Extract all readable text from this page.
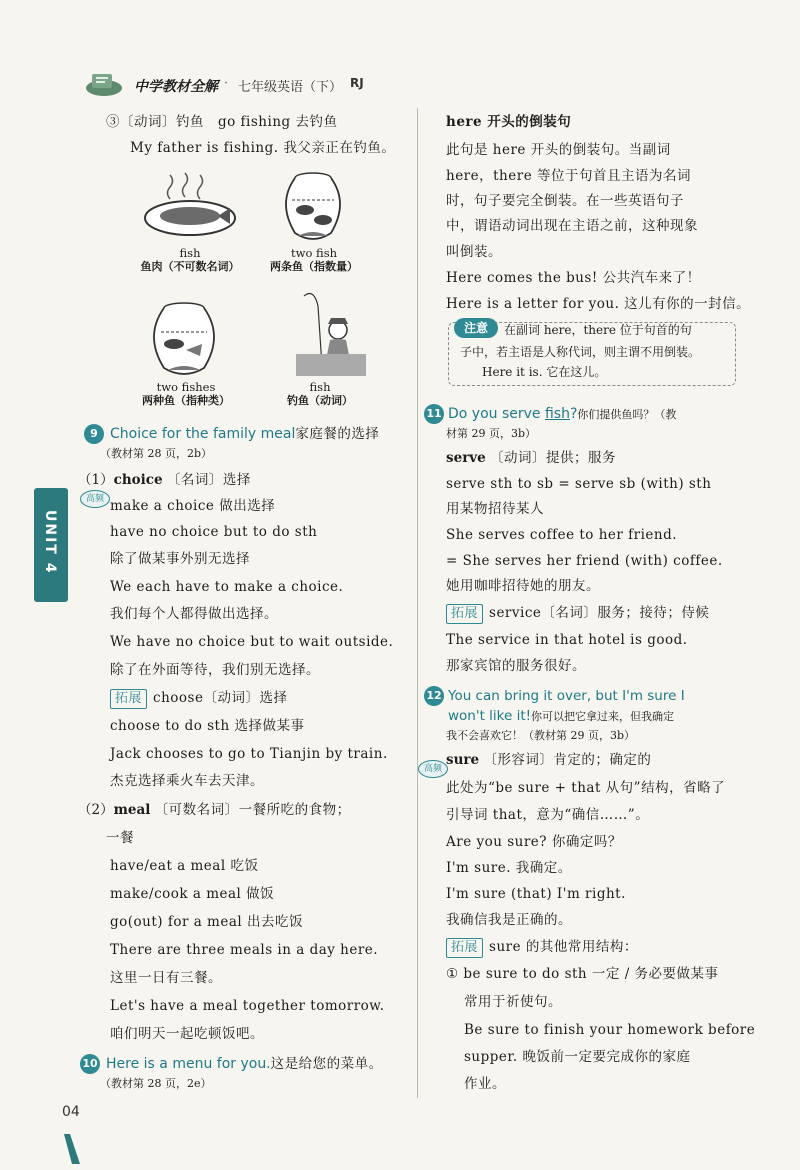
中学教材全解 · 七年级英语（下） RJ
UNIT 4
③〔动词〕钓鱼　go fishing 去钓鱼
My father is fishing. 我父亲正在钓鱼。
fish
鱼肉（不可数名词）
two fish
两条鱼（指数量）
two fishes
两种鱼（指种类）
fish
钓鱼（动词）
9 Choice for the family meal家庭餐的选择
（教材第 28 页，2b）
（1）choice 〔名词〕选择
高频 make a choice 做出选择
have no choice but to do sth
除了做某事外别无选择
We each have to make a choice.
我们每个人都得做出选择。
We have no choice but to wait outside.
除了在外面等待，我们别无选择。
拓展 choose〔动词〕选择
choose to do sth 选择做某事
Jack chooses to go to Tianjin by train.
杰克选择乘火车去天津。
（2）meal 〔可数名词〕一餐所吃的食物；
一餐
have/eat a meal 吃饭
make/cook a meal 做饭
go(out) for a meal 出去吃饭
There are three meals in a day here.
这里一日有三餐。
Let's have a meal together tomorrow.
咱们明天一起吃顿饭吧。
10 Here is a menu for you.这是给您的菜单。
（教材第 28 页，2e）
here 开头的倒装句
此句是 here 开头的倒装句。当副词
here，there 等位于句首且主语为名词
时，句子要完全倒装。在一些英语句子
中，谓语动词出现在主语之前，这种现象
叫倒装。
Here comes the bus! 公共汽车来了！
Here is a letter for you. 这儿有你的一封信。
注意	在副词 here，there 位于句首的句
子中，若主语是人称代词，则主谓不用倒装。
Here it is. 它在这儿。
11 Do you serve fish?你们提供鱼吗？（教
材第 29 页，3b）
serve 〔动词〕提供；服务
serve sth to sb = serve sb (with) sth
用某物招待某人
She serves coffee to her friend.
= She serves her friend (with) coffee.
她用咖啡招待她的朋友。
拓展 service〔名词〕服务；接待；侍候
The service in that hotel is good.
那家宾馆的服务很好。
12 You can bring it over, but I'm sure I
won't like it!你可以把它拿过来，但我确定
我不会喜欢它！（教材第 29 页，3b）
高频
sure 〔形容词〕肯定的；确定的
此处为“be sure + that 从句”结构，省略了
引导词 that，意为“确信……”。
Are you sure? 你确定吗？
I'm sure. 我确定。
I'm sure (that) I'm right.
我确信我是正确的。
拓展 sure 的其他常用结构：
① be sure to do sth 一定 / 务必要做某事
常用于祈使句。
Be sure to finish your homework before
supper. 晚饭前一定要完成你的家庭
作业。
04
